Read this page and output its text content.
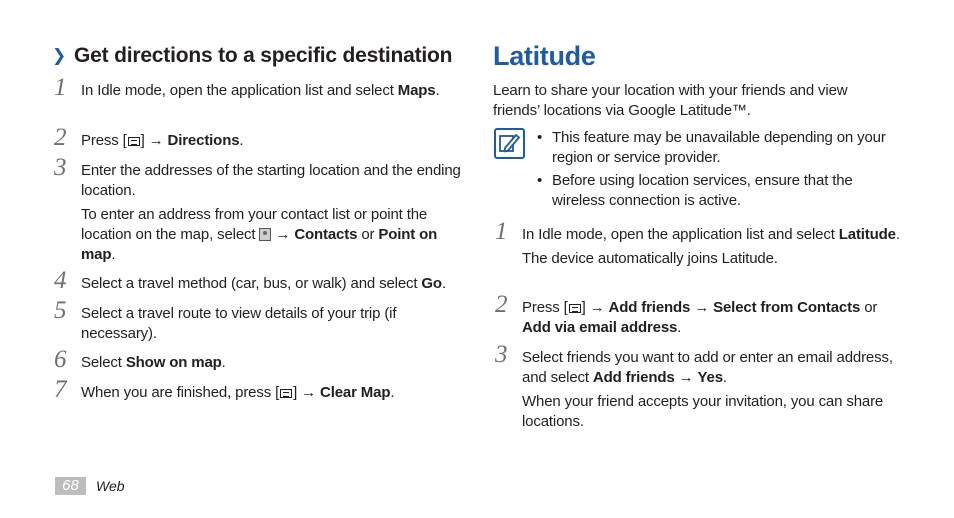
❯ Get directions to a specific destination
1 In Idle mode, open the application list and select Maps.

2 Press [ ] → Directions.

3 Enter the addresses of the starting location and the ending location.

To enter an address from your contact list or point the location on the map, select  → Contacts or Point on map.

4 Select a travel method (car, bus, or walk) and select Go.

5 Select a travel route to view details of your trip (if necessary).

6 Select Show on map.

7 When you are finished, press [ ] → Clear Map.

Latitude
Learn to share your location with your friends and view friends’ locations via Google Latitude™.
• This feature may be unavailable depending on your region or service provider.
• Before using location services, ensure that the wireless connection is active.
1 In Idle mode, open the application list and select Latitude.

The device automatically joins Latitude.

2 Press [ ] → Add friends → Select from Contacts or Add via email address.

3 Select friends you want to add or enter an email address, and select Add friends → Yes.

When your friend accepts your invitation, you can share locations.

68	Web
